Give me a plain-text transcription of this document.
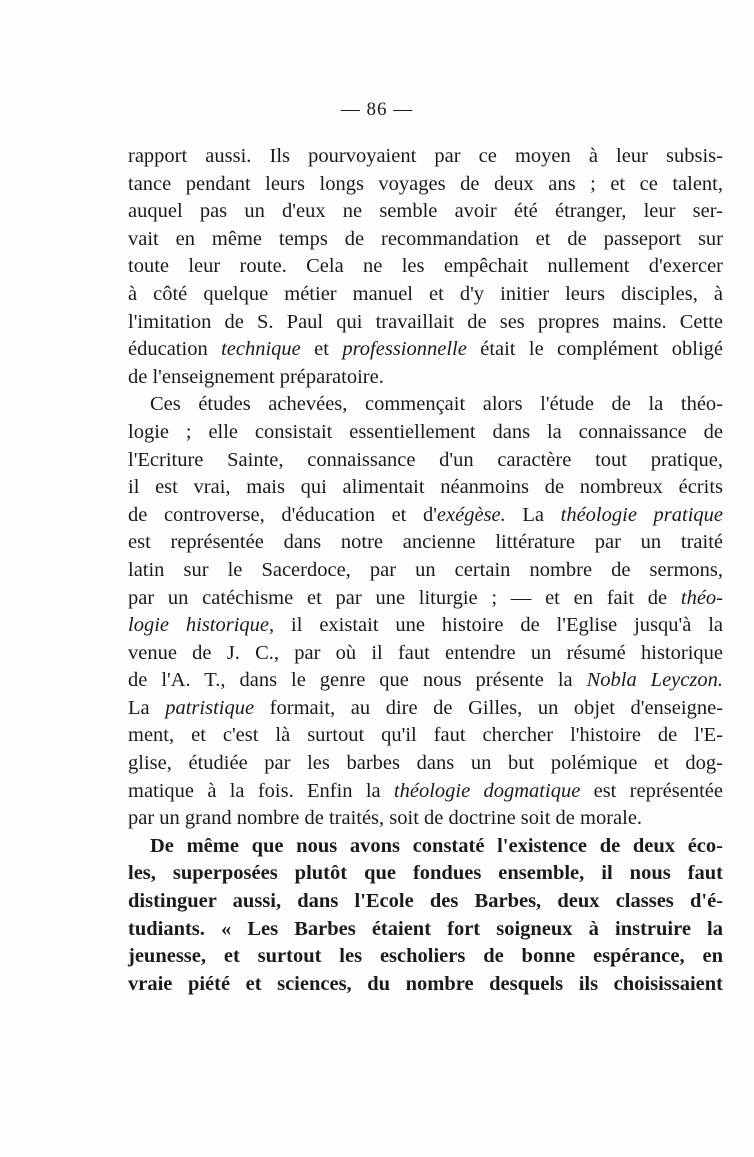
— 86 —
rapport aussi. Ils pourvoyaient par ce moyen à leur subsis-
tance pendant leurs longs voyages de deux ans ; et ce talent,
auquel pas un d'eux ne semble avoir été étranger, leur ser-
vait en même temps de recommandation et de passeport sur
toute leur route. Cela ne les empêchait nullement d'exercer
à côté quelque métier manuel et d'y initier leurs disciples, à
l'imitation de S. Paul qui travaillait de ses propres mains. Cette
éducation technique et professionnelle était le complément obligé
de l'enseignement préparatoire.
Ces études achevées, commençait alors l'étude de la théo-
logie ; elle consistait essentiellement dans la connaissance de
l'Ecriture Sainte, connaissance d'un caractère tout pratique,
il est vrai, mais qui alimentait néanmoins de nombreux écrits
de controverse, d'éducation et d'exégèse. La théologie pratique
est représentée dans notre ancienne littérature par un traité
latin sur le Sacerdoce, par un certain nombre de sermons,
par un catéchisme et par une liturgie ; — et en fait de théo-
logie historique, il existait une histoire de l'Eglise jusqu'à la
venue de J. C., par où il faut entendre un résumé historique
de l'A. T., dans le genre que nous présente la Nobla Leyczon.
La patristique formait, au dire de Gilles, un objet d'enseigne-
ment, et c'est là surtout qu'il faut chercher l'histoire de l'E-
glise, étudiée par les barbes dans un but polémique et dog-
matique à la fois. Enfin la théologie dogmatique est représentée
par un grand nombre de traités, soit de doctrine soit de morale.
De même que nous avons constaté l'existence de deux éco-
les, superposées plutôt que fondues ensemble, il nous faut
distinguer aussi, dans l'Ecole des Barbes, deux classes d'é-
tudiants. « Les Barbes étaient fort soigneux à instruire la
jeunesse, et surtout les escholiers de bonne espérance, en
vraie piété et sciences, du nombre desquels ils choisissaient
